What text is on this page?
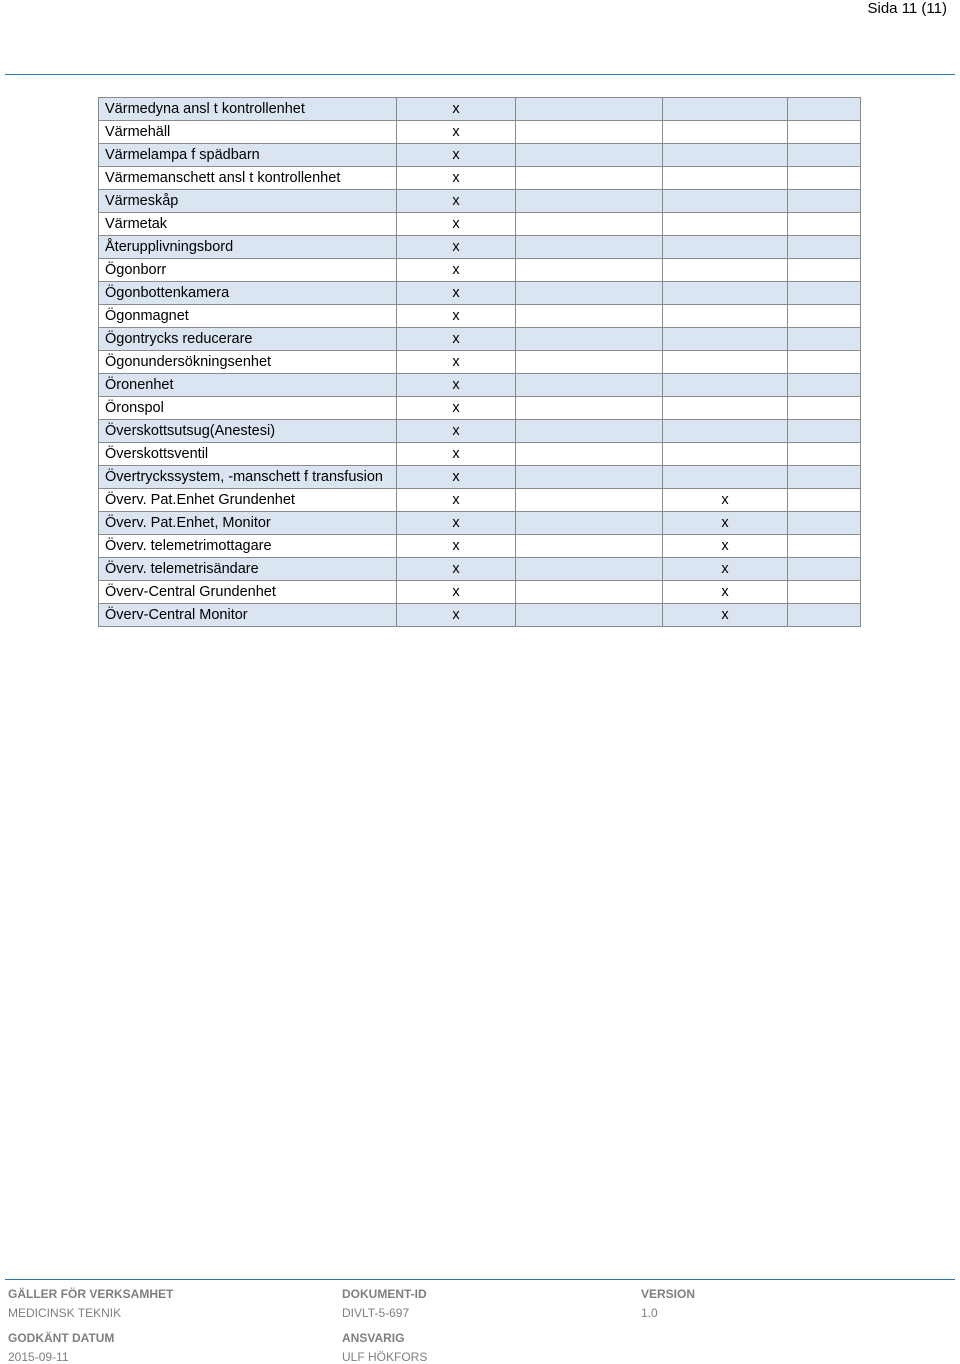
Sida 11 (11)
Värmedyna ansl t kontrollenhet	x			
Värmehäll	x			
Värmelampa f spädbarn	x			
Värmemanschett ansl t kontrollenhet	x			
Värmeskåp	x			
Värmetak	x			
Återupplivningsbord	x			
Ögonborr	x			
Ögonbottenkamera	x			
Ögonmagnet	x			
Ögontrycks reducerare	x			
Ögonundersökningsenhet	x			
Öronenhet	x			
Öronspol	x			
Överskottsutsug(Anestesi)	x			
Överskottsventil	x			
Övertryckssystem, -manschett f transfusion	x			
Överv. Pat.Enhet Grundenhet	x		x	
Överv. Pat.Enhet, Monitor	x		x	
Överv. telemetrimottagare	x		x	
Överv. telemetrisändare	x		x	
Överv-Central Grundenhet	x		x	
Överv-Central Monitor	x		x	
GÄLLER FÖR VERKSAMHET
MEDICINSK TEKNIK
DOKUMENT-ID
DIVLT-5-697
VERSION
1.0
GODKÄNT DATUM
2015-09-11
ANSVARIG
ULF HÖKFORS
